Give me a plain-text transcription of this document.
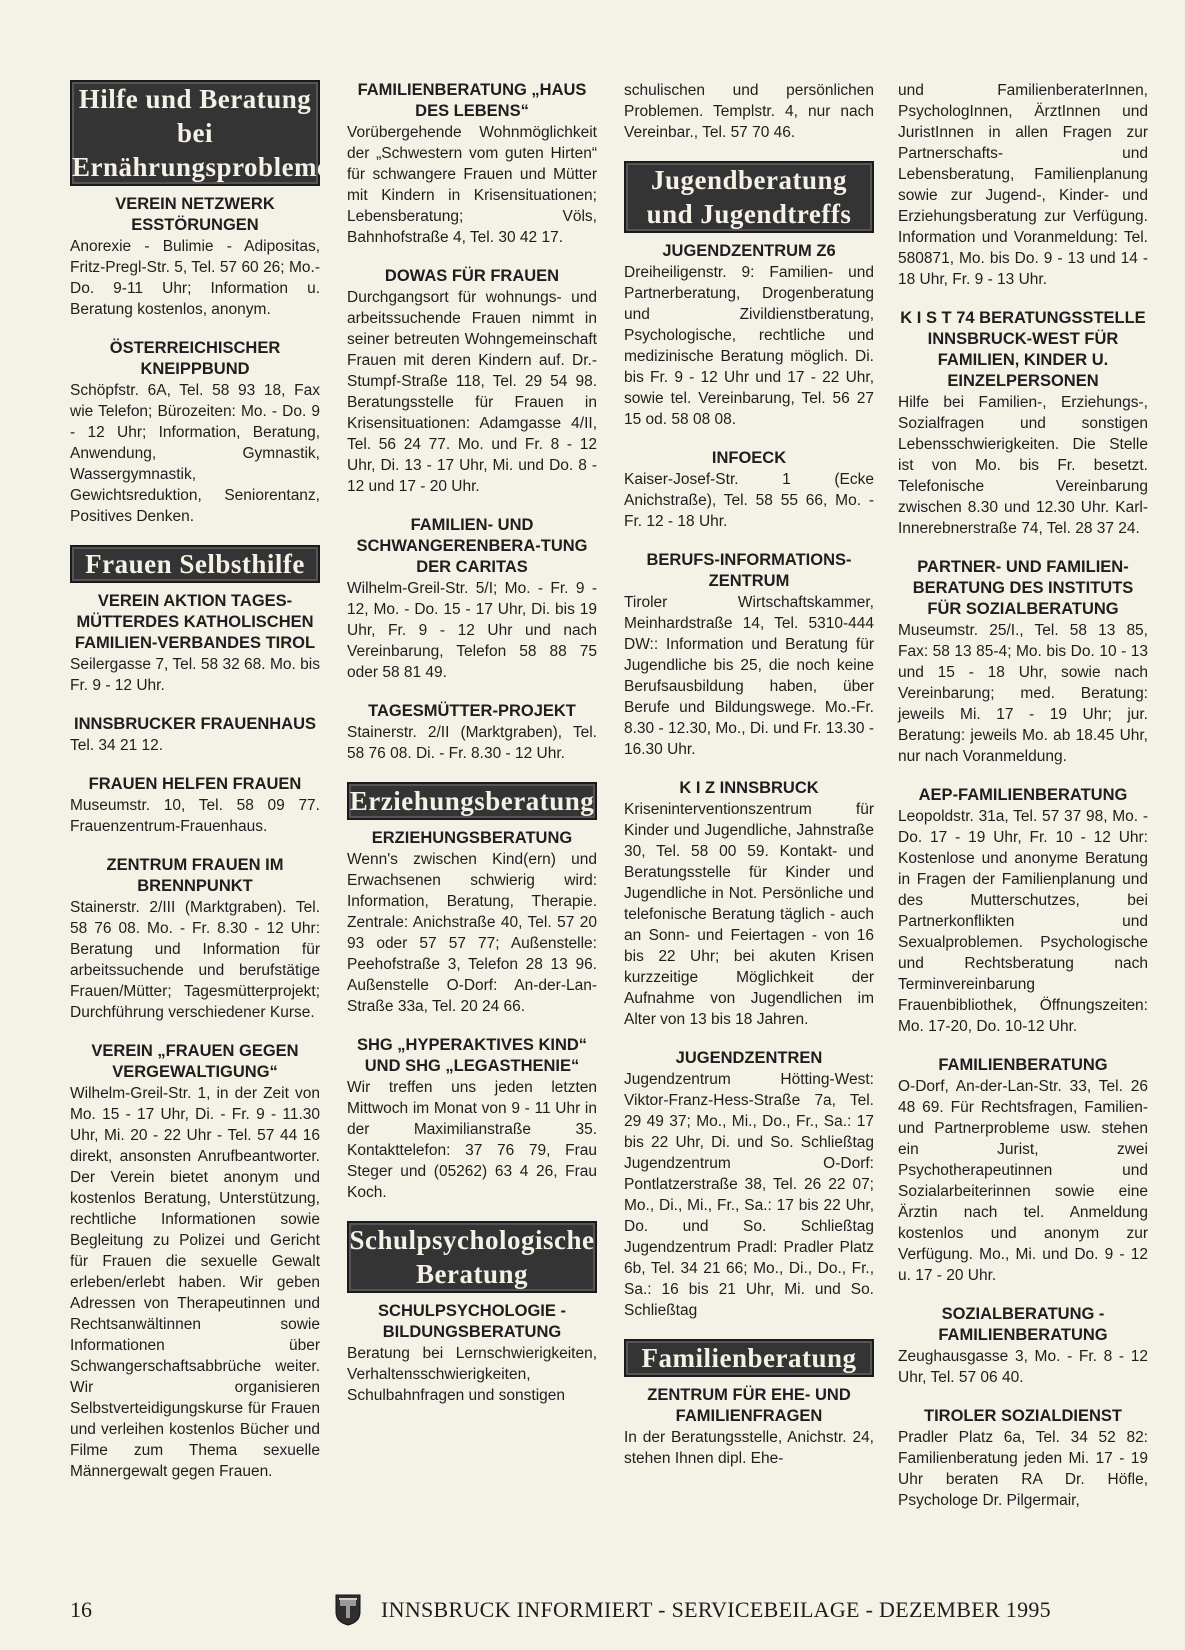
Hilfe und Beratung bei
Ernährungsproblemen

VEREIN NETZWERK ESSTÖRUNGEN

Anorexie - Bulimie - Adipositas, Fritz-Pregl-Str. 5, Tel. 57 60 26; Mo.-Do. 9-11 Uhr; Information u. Beratung kostenlos, anonym.

ÖSTERREICHISCHER KNEIPPBUND

Schöpfstr. 6A, Tel. 58 93 18, Fax wie Telefon; Bürozeiten: Mo. - Do. 9 - 12 Uhr; Information, Beratung, Anwendung, Gymnastik, Wassergymnastik, Gewichtsreduktion, Seniorentanz, Positives Denken.

Frauen Selbsthilfe

VEREIN AKTION TAGES-MÜTTERDES KATHOLISCHEN FAMILIEN-VERBANDES TIROL

Seilergasse 7, Tel. 58 32 68. Mo. bis Fr. 9 - 12 Uhr.

INNSBRUCKER FRAUENHAUS

Tel. 34 21 12.

FRAUEN HELFEN FRAUEN

Museumstr. 10, Tel. 58 09 77. Frauenzentrum-Frauenhaus.

ZENTRUM FRAUEN IM BRENNPUNKT

Stainerstr. 2/III (Marktgraben). Tel. 58 76 08. Mo. - Fr. 8.30 - 12 Uhr: Beratung und Information für arbeitssuchende und berufstätige Frauen/Mütter; Tagesmütterprojekt; Durchführung verschiedener Kurse.

VEREIN „FRAUEN GEGEN VERGEWALTIGUNG“

Wilhelm-Greil-Str. 1, in der Zeit von Mo. 15 - 17 Uhr, Di. - Fr. 9 - 11.30 Uhr, Mi. 20 - 22 Uhr - Tel. 57 44 16 direkt, ansonsten Anrufbeantworter. Der Verein bietet anonym und kostenlos Beratung, Unterstützung, rechtliche Informationen sowie Begleitung zu Polizei und Gericht für Frauen die sexuelle Gewalt erleben/erlebt haben. Wir geben Adressen von Therapeutinnen und Rechtsanwältinnen sowie Informationen über Schwangerschaftsabbrüche weiter. Wir organisieren Selbstverteidigungskurse für Frauen und verleihen kostenlos Bücher und Filme zum Thema sexuelle Männergewalt gegen Frauen.

FAMILIENBERATUNG „HAUS DES LEBENS“

Vorübergehende Wohnmöglichkeit der „Schwestern vom guten Hirten“ für schwangere Frauen und Mütter mit Kindern in Krisensituationen; Lebensberatung; Völs, Bahnhofstraße 4, Tel. 30 42 17.

DOWAS FÜR FRAUEN

Durchgangsort für wohnungs- und arbeitssuchende Frauen nimmt in seiner betreuten Wohngemeinschaft Frauen mit deren Kindern auf. Dr.-Stumpf-Straße 118, Tel. 29 54 98. Beratungsstelle für Frauen in Krisensituationen: Adamgasse 4/II, Tel. 56 24 77. Mo. und Fr. 8 - 12 Uhr, Di. 13 - 17 Uhr, Mi. und Do. 8 - 12 und 17 - 20 Uhr.

FAMILIEN- UND SCHWANGERENBERA-TUNG DER CARITAS

Wilhelm-Greil-Str. 5/I; Mo. - Fr. 9 - 12, Mo. - Do. 15 - 17 Uhr, Di. bis 19 Uhr, Fr. 9 - 12 Uhr und nach Vereinbarung, Telefon 58 88 75 oder 58 81 49.

TAGESMÜTTER-PROJEKT

Stainerstr. 2/II (Marktgraben), Tel. 58 76 08. Di. - Fr. 8.30 - 12 Uhr.

Erziehungsberatung

ERZIEHUNGSBERATUNG

Wenn's zwischen Kind(ern) und Erwachsenen schwierig wird: Information, Beratung, Therapie. Zentrale: Anichstraße 40, Tel. 57 20 93 oder 57 57 77; Außenstelle: Peehofstraße 3, Telefon 28 13 96. Außenstelle O-Dorf: An-der-Lan-Straße 33a, Tel. 20 24 66.

SHG „HYPERAKTIVES KIND“ UND SHG „LEGASTHENIE“

Wir treffen uns jeden letzten Mittwoch im Monat von 9 - 11 Uhr in der Maximilianstraße 35. Kontakttelefon: 37 76 79, Frau Steger und (05262) 63 4 26, Frau Koch.

Schulpsychologische
Beratung

SCHULPSYCHOLOGIE - BILDUNGSBERATUNG

Beratung bei Lernschwierigkeiten, Verhaltensschwierigkeiten, Schulbahnfragen und sonstigen

schulischen und persönlichen Problemen. Templstr. 4, nur nach Vereinbar., Tel. 57 70 46.

Jugendberatung
und Jugendtreffs

JUGENDZENTRUM Z6

Dreiheiligenstr. 9: Familien- und Partnerberatung, Drogenberatung und Zivildienstberatung, Psychologische, rechtliche und medizinische Beratung möglich. Di. bis Fr. 9 - 12 Uhr und 17 - 22 Uhr, sowie tel. Vereinbarung, Tel. 56 27 15 od. 58 08 08.

INFOECK

Kaiser-Josef-Str. 1 (Ecke Anichstraße), Tel. 58 55 66, Mo. - Fr. 12 - 18 Uhr.

BERUFS-INFORMATIONS-ZENTRUM

Tiroler Wirtschaftskammer, Meinhardstraße 14, Tel. 5310-444 DW:: Information und Beratung für Jugendliche bis 25, die noch keine Berufsausbildung haben, über Berufe und Bildungswege. Mo.-Fr. 8.30 - 12.30, Mo., Di. und Fr. 13.30 - 16.30 Uhr.

K I Z INNSBRUCK

Kriseninterventionszentrum für Kinder und Jugendliche, Jahnstraße 30, Tel. 58 00 59. Kontakt- und Beratungsstelle für Kinder und Jugendliche in Not. Persönliche und telefonische Beratung täglich - auch an Sonn- und Feiertagen - von 16 bis 22 Uhr; bei akuten Krisen kurzzeitige Möglichkeit der Aufnahme von Jugendlichen im Alter von 13 bis 18 Jahren.

JUGENDZENTREN

Jugendzentrum Hötting-West: Viktor-Franz-Hess-Straße 7a, Tel. 29 49 37; Mo., Mi., Do., Fr., Sa.: 17 bis 22 Uhr, Di. und So. Schließtag Jugendzentrum O-Dorf: Pontlatzerstraße 38, Tel. 26 22 07; Mo., Di., Mi., Fr., Sa.: 17 bis 22 Uhr, Do. und So. Schließtag Jugendzentrum Pradl: Pradler Platz 6b, Tel. 34 21 66; Mo., Di., Do., Fr., Sa.: 16 bis 21 Uhr, Mi. und So. Schließtag

Familienberatung

ZENTRUM FÜR EHE- UND FAMILIENFRAGEN

In der Beratungsstelle, Anichstr. 24, stehen Ihnen dipl. Ehe-

und FamilienberaterInnen, PsychologInnen, ÄrztInnen und JuristInnen in allen Fragen zur Partnerschafts- und Lebensberatung, Familienplanung sowie zur Jugend-, Kinder- und Erziehungsberatung zur Verfügung. Information und Voranmeldung: Tel. 580871, Mo. bis Do. 9 - 13 und 14 - 18 Uhr, Fr. 9 - 13 Uhr.

K I S T 74 BERATUNGSSTELLE INNSBRUCK-WEST FÜR FAMILIEN, KINDER U. EINZELPERSONEN

Hilfe bei Familien-, Erziehungs-, Sozialfragen und sonstigen Lebensschwierigkeiten. Die Stelle ist von Mo. bis Fr. besetzt. Telefonische Vereinbarung zwischen 8.30 und 12.30 Uhr. Karl-Innerebnerstraße 74, Tel. 28 37 24.

PARTNER- UND FAMILIEN-BERATUNG DES INSTITUTS FÜR SOZIALBERATUNG

Museumstr. 25/I., Tel. 58 13 85, Fax: 58 13 85-4; Mo. bis Do. 10 - 13 und 15 - 18 Uhr, sowie nach Vereinbarung; med. Beratung: jeweils Mi. 17 - 19 Uhr; jur. Beratung: jeweils Mo. ab 18.45 Uhr, nur nach Voranmeldung.

AEP-FAMILIENBERATUNG

Leopoldstr. 31a, Tel. 57 37 98, Mo. - Do. 17 - 19 Uhr, Fr. 10 - 12 Uhr: Kostenlose und anonyme Beratung in Fragen der Familienplanung und des Mutterschutzes, bei Partnerkonflikten und Sexualproblemen. Psychologische und Rechtsberatung nach Terminvereinbarung Frauenbibliothek, Öffnungszeiten: Mo. 17-20, Do. 10-12 Uhr.

FAMILIENBERATUNG

O-Dorf, An-der-Lan-Str. 33, Tel. 26 48 69. Für Rechtsfragen, Familien- und Partnerprobleme usw. stehen ein Jurist, zwei Psychotherapeutinnen und Sozialarbeiterinnen sowie eine Ärztin nach tel. Anmeldung kostenlos und anonym zur Verfügung. Mo., Mi. und Do. 9 - 12 u. 17 - 20 Uhr.

SOZIALBERATUNG - FAMILIENBERATUNG

Zeughausgasse 3, Mo. - Fr. 8 - 12 Uhr, Tel. 57 06 40.

TIROLER SOZIALDIENST

Pradler Platz 6a, Tel. 34 52 82: Familienberatung jeden Mi. 17 - 19 Uhr beraten RA Dr. Höfle, Psychologe Dr. Pilgermair,

16	INNSBRUCK INFORMIERT - SERVICEBEILAGE - DEZEMBER 1995
